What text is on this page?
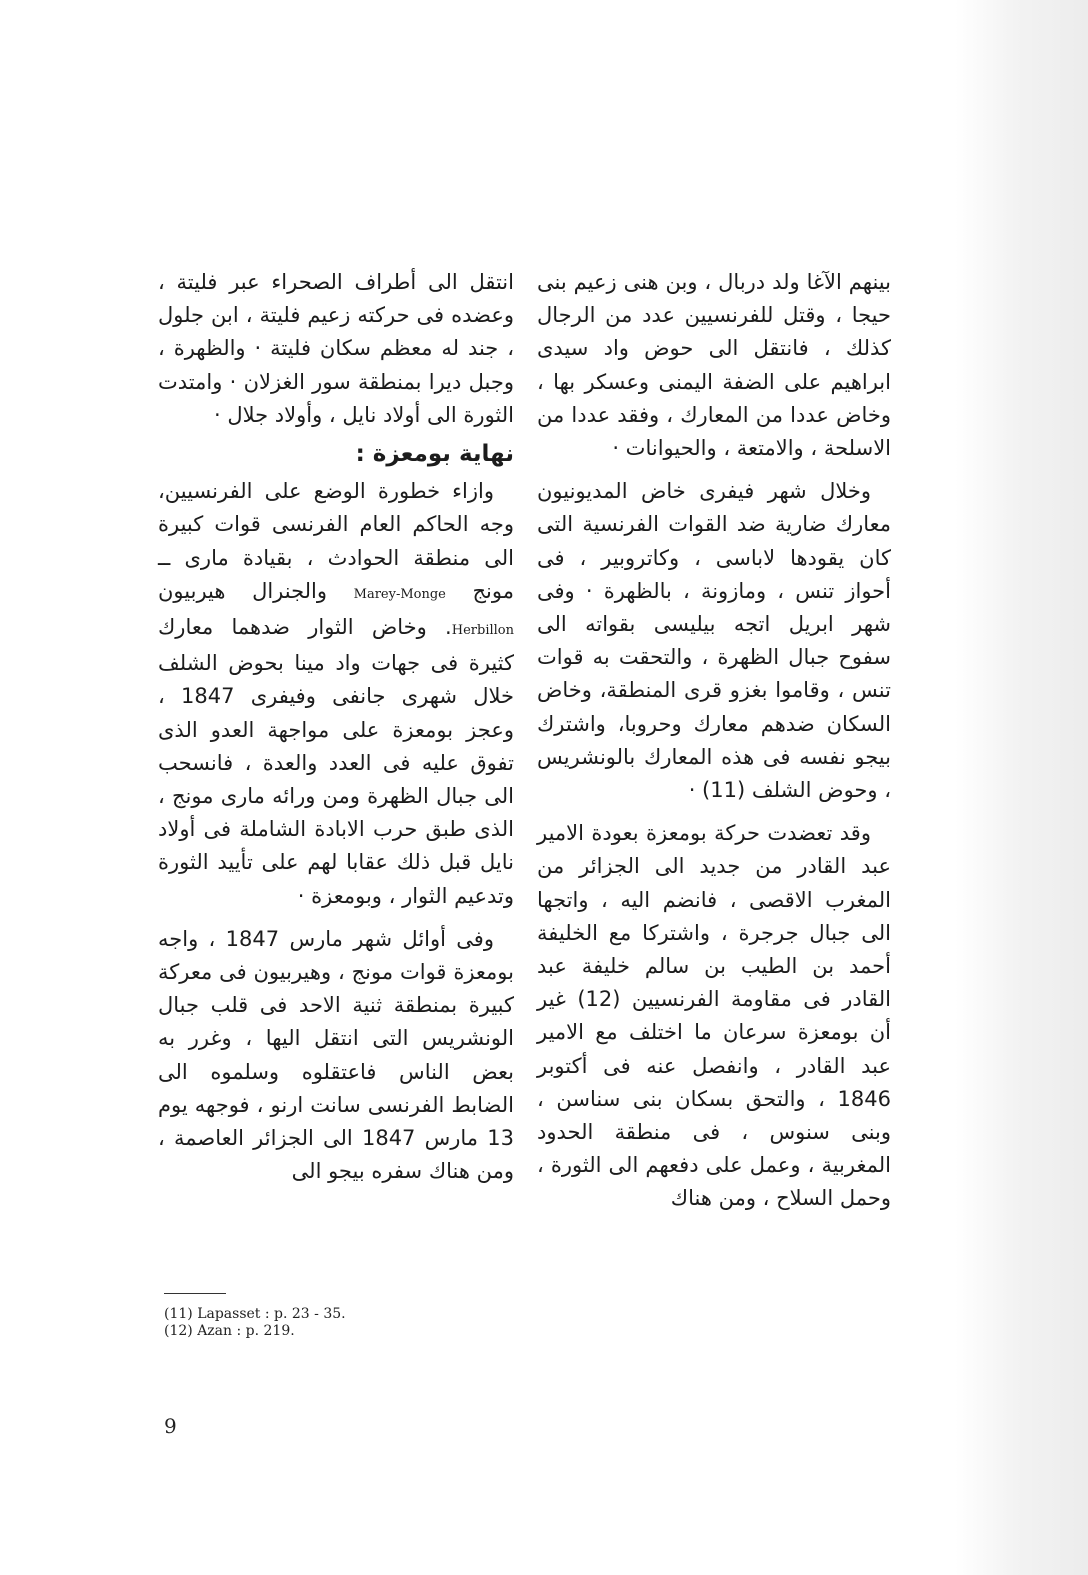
بينهم الآغا ولد دربال ، وبن هنى زعيم بنى حيجا ، وقتل للفرنسيين عدد من الرجال كذلك ، فانتقل الى حوض واد سيدى ابراهيم على الضفة اليمنى وعسكر بها ، وخاض عددا من المعارك ، وفقد عددا من الاسلحة ، والامتعة ، والحيوانات ·

وخلال شهر فيفرى خاض المديونيون معارك ضارية ضد القوات الفرنسية التى كان يقودها لاباسى ، وكاتروبير ، فى أحواز تنس ، ومازونة ، بالظهرة · وفى شهر ابريل اتجه بيليسى بقواته الى سفوح جبال الظهرة ، والتحقت به قوات تنس ، وقاموا بغزو قرى المنطقة، وخاض السكان ضدهم معارك وحروبا، واشترك بيجو نفسه فى هذه المعارك بالونشريس ، وحوض الشلف (11) ·

وقد تعضدت حركة بومعزة بعودة الامير عبد القادر من جديد الى الجزائر من المغرب الاقصى ، فانضم اليه ، واتجها الى جبال جرجرة ، واشتركا مع الخليفة أحمد بن الطيب بن سالم خليفة عبد القادر فى مقاومة الفرنسيين (12) غير أن بومعزة سرعان ما اختلف مع الامير عبد القادر ، وانفصل عنه فى أكتوبر 1846 ، والتحق بسكان بنى سناسن ، وبنى سنوس ، فى منطقة الحدود المغربية ، وعمل على دفعهم الى الثورة ، وحمل السلاح ، ومن هناك

انتقل الى أطراف الصحراء عبر فليتة ، وعضده فى حركته زعيم فليتة ، ابن جلول ، جند له معظم سكان فليتة · والظهرة ، وجبل ديرا بمنطقة سور الغزلان · وامتدت الثورة الى أولاد نايل ، وأولاد جلال ·

نهاية بومعزة :

وازاء خطورة الوضع على الفرنسيين، وجه الحاكم العام الفرنسى قوات كبيرة الى منطقة الحوادث ، بقيادة مارى ــ مونج Marey-Monge والجنرال هيربيون Herbillon. وخاض الثوار ضدهما معارك كثيرة فى جهات واد مينا بحوض الشلف خلال شهرى جانفى وفيفرى 1847 ، وعجز بومعزة على مواجهة العدو الذى تفوق عليه فى العدد والعدة ، فانسحب الى جبال الظهرة ومن ورائه مارى مونج ، الذى طبق حرب الابادة الشاملة فى أولاد نايل قبل ذلك عقابا لهم على تأييد الثورة وتدعيم الثوار ، وبومعزة ·

وفى أوائل شهر مارس 1847 ، واجه بومعزة قوات مونج ، وهيربيون فى معركة كبيرة بمنطقة ثنية الاحد فى قلب جبال الونشريس التى انتقل اليها ، وغرر به بعض الناس فاعتقلوه وسلموه الى الضابط الفرنسى سانت ارنو ، فوجهه يوم 13 مارس 1847 الى الجزائر العاصمة ، ومن هناك سفره بيجو الى

(11) Lapasset : p. 23 - 35.
(12) Azan : p. 219.
9
